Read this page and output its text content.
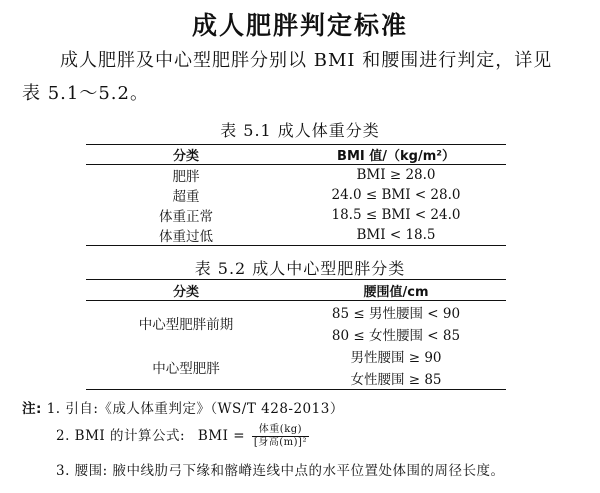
成人肥胖判定标准
成人肥胖及中心型肥胖分别以 BMI 和腰围进行判定，详见
表 5.1～5.2。
表 5.1 成人体重分类
分类	BMI 值/（kg/m²）
肥胖	BMI ≥ 28.0
超重	24.0 ≤ BMI < 28.0
体重正常	18.5 ≤ BMI < 24.0
体重过低	BMI < 18.5
表 5.2 成人中心型肥胖分类
分类	腰围值/cm
中心型肥胖前期	85 ≤ 男性腰围 < 90
	80 ≤ 女性腰围 < 85
中心型肥胖	男性腰围 ≥ 90
	女性腰围 ≥ 85
注: 1. 引自:《成人体重判定》（WS/T 428-2013）
2. BMI 的计算公式: BMI = $\frac{\text{体重(kg)}}{\text{[身高(m)]²}}$
3. 腰围: 腋中线肋弓下缘和髂嵴连线中点的水平位置处体围的周径长度。
